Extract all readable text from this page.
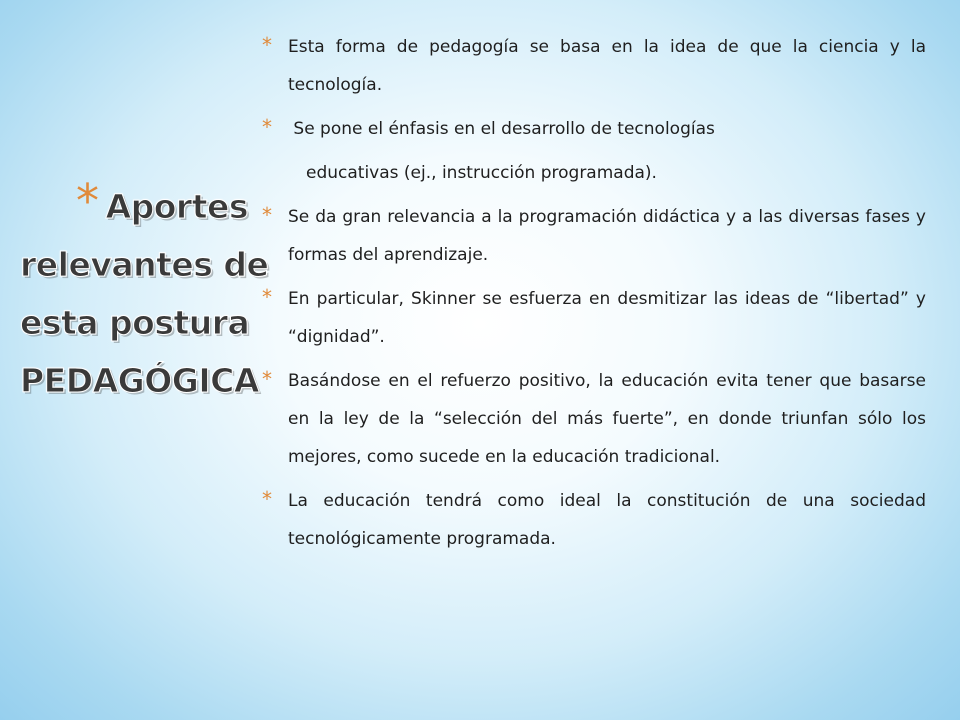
* Aportes
relevantes de
esta postura
PEDAGÓGICA
* Esta forma de pedagogía se basa en la idea de que la ciencia y la tecnología.
* Se pone el énfasis en el desarrollo de tecnologías
educativas (ej., instrucción programada).
* Se da gran relevancia a la programación didáctica y a las diversas fases y formas del aprendizaje.
* En particular, Skinner se esfuerza en desmitizar las ideas de “libertad” y “dignidad”.
* Basándose en el refuerzo positivo, la educación evita tener que basarse en la ley de la “selección del más fuerte”, en donde triunfan sólo los mejores, como sucede en la educación tradicional.
* La educación tendrá como ideal la constitución de una sociedad tecnológicamente programada.
